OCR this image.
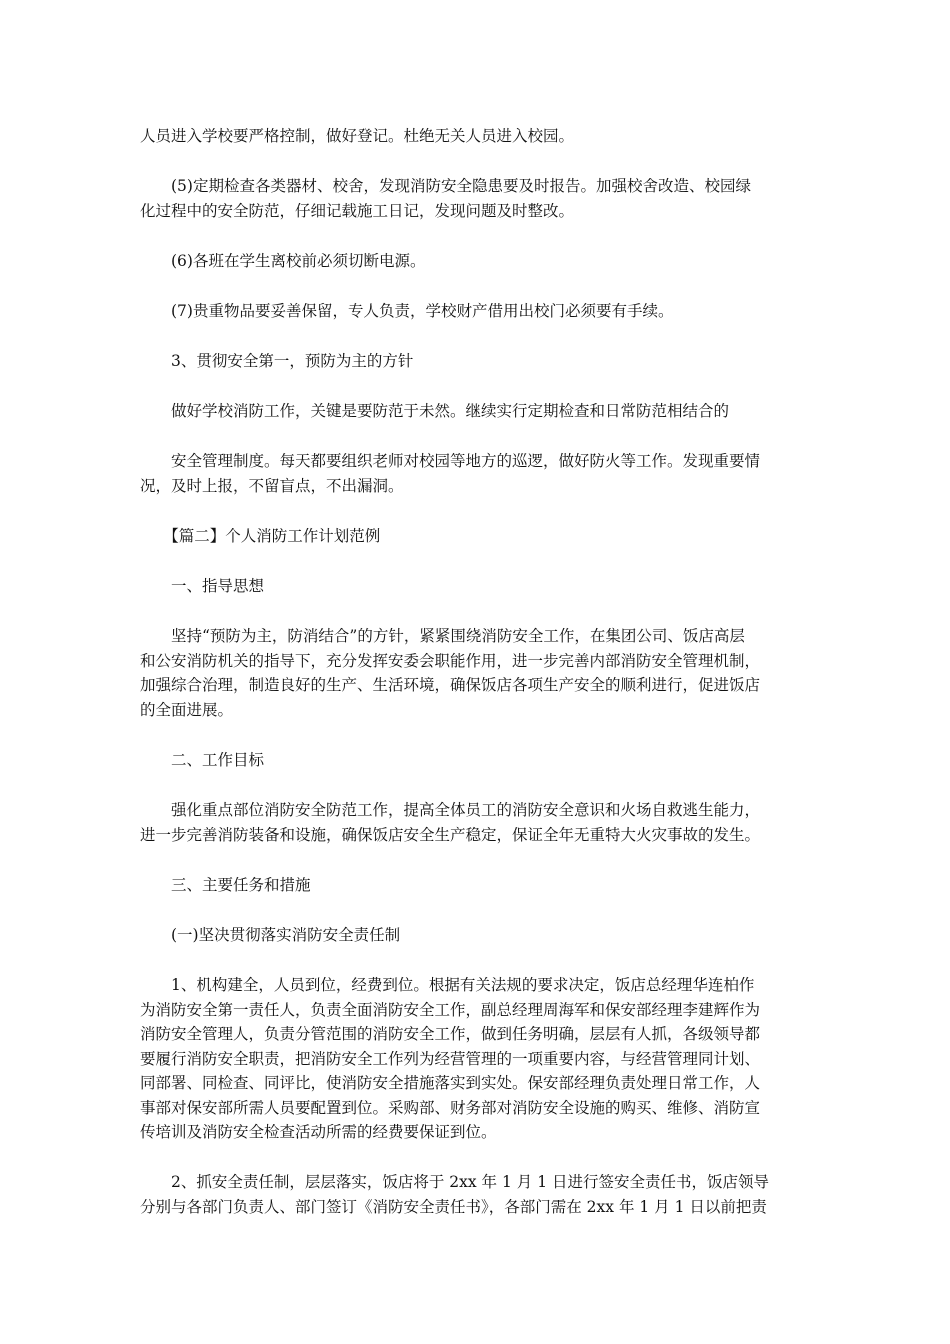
人员进入学校要严格控制，做好登记。杜绝无关人员进入校园。

　　(5)定期检查各类器材、校舍，发现消防安全隐患要及时报告。加强校舍改造、校园绿
化过程中的安全防范，仔细记载施工日记，发现问题及时整改。

　　(6)各班在学生离校前必须切断电源。

　　(7)贵重物品要妥善保留，专人负责，学校财产借用出校门必须要有手续。

　　3、贯彻安全第一，预防为主的方针

　　做好学校消防工作，关键是要防范于未然。继续实行定期检查和日常防范相结合的

　　安全管理制度。每天都要组织老师对校园等地方的巡逻，做好防火等工作。发现重要情
况，及时上报，不留盲点，不出漏洞。

　　【篇二】个人消防工作计划范例

　　一、指导思想

　　坚持“预防为主，防消结合”的方针，紧紧围绕消防安全工作，在集团公司、饭店高层
和公安消防机关的指导下，充分发挥安委会职能作用，进一步完善内部消防安全管理机制，
加强综合治理，制造良好的生产、生活环境，确保饭店各项生产安全的顺利进行，促进饭店
的全面进展。

　　二、工作目标

　　强化重点部位消防安全防范工作，提高全体员工的消防安全意识和火场自救逃生能力，
进一步完善消防装备和设施，确保饭店安全生产稳定，保证全年无重特大火灾事故的发生。

　　三、主要任务和措施

　　(一)坚决贯彻落实消防安全责任制

　　1、机构建全，人员到位，经费到位。根据有关法规的要求决定，饭店总经理华连柏作
为消防安全第一责任人，负责全面消防安全工作，副总经理周海军和保安部经理李建辉作为
消防安全管理人，负责分管范围的消防安全工作，做到任务明确，层层有人抓，各级领导都
要履行消防安全职责，把消防安全工作列为经营管理的一项重要内容，与经营管理同计划、
同部署、同检查、同评比，使消防安全措施落实到实处。保安部经理负责处理日常工作，人
事部对保安部所需人员要配置到位。采购部、财务部对消防安全设施的购买、维修、消防宣
传培训及消防安全检查活动所需的经费要保证到位。

　　2、抓安全责任制，层层落实，饭店将于 2xx 年 1 月 1 日进行签安全责任书，饭店领导
分别与各部门负责人、部门签订《消防安全责任书》，各部门需在 2xx 年 1 月 1 日以前把责
